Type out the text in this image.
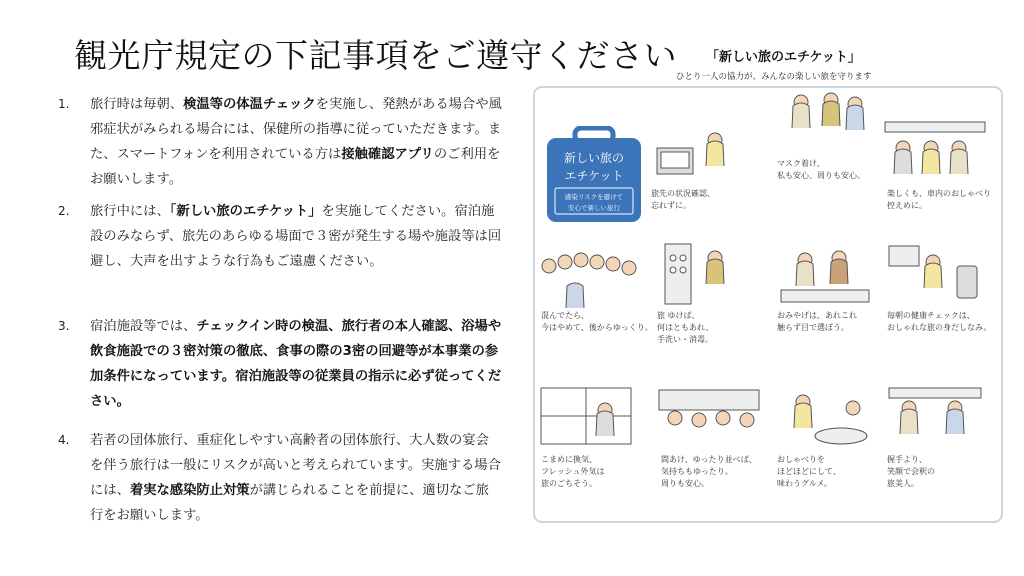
観光庁規定の下記事項をご遵守ください 「新しい旅のエチケット」
ひとり一人の協力が、みんなの楽しい旅を守ります
1. 旅行時は毎朝、検温等の体温チェックを実施し、発熱がある場合や風邪症状がみられる場合には、保健所の指導に従っていただきます。また、スマートフォンを利用されている方は接触確認アプリのご利用をお願いします。
2. 旅行中には、「新しい旅のエチケット」を実施してください。宿泊施設のみならず、旅先のあらゆる場面で３密が発生する場や施設等は回避し、大声を出すような行為もご遠慮ください。
3. 宿泊施設等では、チェックイン時の検温、旅行者の本人確認、浴場や飲食施設での３密対策の徹底、食事の際の3密の回避等が本事業の参加条件になっています。宿泊施設等の従業員の指示に必ず従ってください。
4. 若者の団体旅行、重症化しやすい高齢者の団体旅行、大人数の宴会を伴う旅行は一般にリスクが高いと考えられています。実施する場合には、着実な感染防止対策が講じられることを前提に、適切なご旅行をお願いします。
新しい旅の
エチケット
感染リスクを避けて
安心で楽しい旅行
旅先の状況確認、
忘れずに。
マスク着け、
私も安心、周りも安心。
楽しくも、車内のおしゃべり
控えめに。
混んでたら、
今はやめて、後からゆっくり。
旅 ゆけば、
何はともあれ、
手洗い・消毒。
おみやげは、あれこれ
触らず目で選ぼう。
毎朝の健康チェックは、
おしゃれな旅の身だしなみ。
こまめに換気、
フレッシュ外気は
旅のごちそう。
間あけ、ゆったり並べば、
気持ちもゆったり。
周りも安心。
おしゃべりを
ほどほどにして、
味わうグルメ。
握手より、
笑顔で会釈の
旅美人。
